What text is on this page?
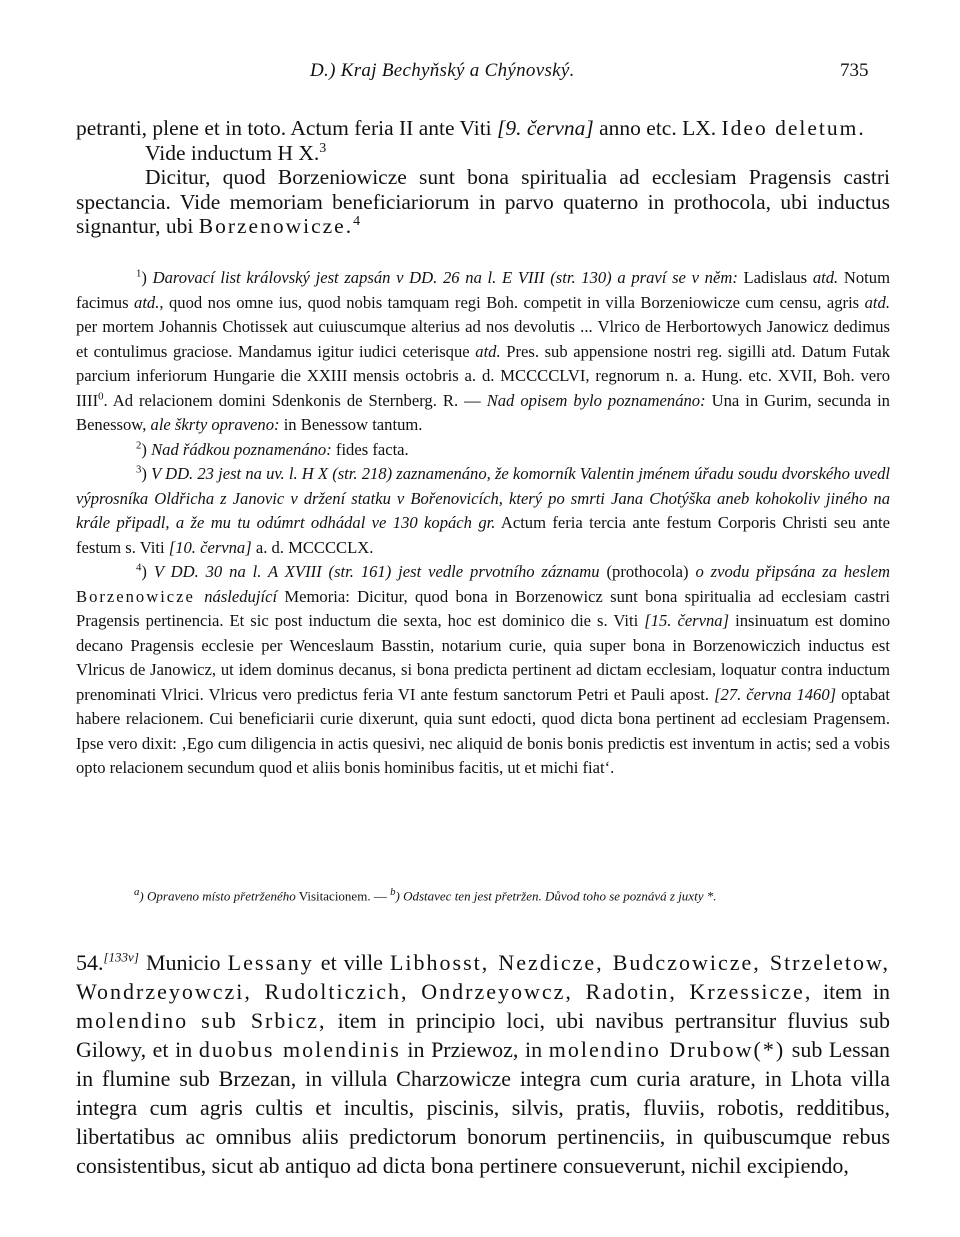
D.) Kraj Bechyňský a Chýnovský.	735

petranti, plene et in toto. Actum feria II ante Viti [9. června] anno etc. LX. Ideo deletum.

Vide inductum H X.$^3$

Dicitur, quod Borzeniowicze sunt bona spiritualia ad ecclesiam Pragensis castri spectancia. Vide memoriam beneficiariorum in parvo quaterno in prothocola, ubi inductus signantur, ubi Borzenowicze.$^4$

$^1$) Darovací list královský jest zapsán v DD. 26 na l. E VIII (str. 130) a praví se v něm: Ladislaus atd. Notum facimus atd., quod nos omne ius, quod nobis tamquam regi Boh. competit in villa Borzeniowicze cum censu, agris atd. per mortem Johannis Chotissek aut cuiuscumque alterius ad nos devolutis ... Vlrico de Herbortowych Janowicz dedimus et contulimus graciose. Mandamus igitur iudici ceterisque atd. Pres. sub appensione nostri reg. sigilli atd. Datum Futak parcium inferiorum Hungarie die XXIII mensis octobris a. d. MCCCCLVI, regnorum n. a. Hung. etc. XVII, Boh. vero IIII$^0$. Ad relacionem domini Sdenkonis de Sternberg. R. — Nad opisem bylo poznamenáno: Una in Gurim, secunda in Benessow, ale škrty opraveno: in Benessow tantum.

$^2$) Nad řádkou poznamenáno: fides facta.

$^3$) V DD. 23 jest na uv. l. H X (str. 218) zaznamenáno, že komorník Valentin jménem úřadu soudu dvorského uvedl výprosníka Oldřicha z Janovic v držení statku v Bořenovicích, který po smrti Jana Chotýška aneb kohokoliv jiného na krále připadl, a že mu tu odúmrt odhádal ve 130 kopách gr. Actum feria tercia ante festum Corporis Christi seu ante festum s. Viti [10. června] a. d. MCCCCLX.

$^4$) V DD. 30 na l. A XVIII (str. 161) jest vedle prvotního záznamu (prothocola) o zvodu připsána za heslem Borzenowicze následující Memoria: Dicitur, quod bona in Borzenowicz sunt bona spiritualia ad ecclesiam castri Pragensis pertinencia. Et sic post inductum die sexta, hoc est dominico die s. Viti [15. června] insinuatum est domino decano Pragensis ecclesie per Wenceslaum Basstin, notarium curie, quia super bona in Borzenowiczich inductus est Vlricus de Janowicz, ut idem dominus decanus, si bona predicta pertinent ad dictam ecclesiam, loquatur contra inductum prenominati Vlrici. Vlricus vero predictus feria VI ante festum sanctorum Petri et Pauli apost. [27. června 1460] optabat habere relacionem. Cui beneficiarii curie dixerunt, quia sunt edocti, quod dicta bona pertinent ad ecclesiam Pragensem. Ipse vero dixit: ‚Ego cum diligencia in actis quesivi, nec aliquid de bonis bonis predictis est inventum in actis; sed a vobis opto relacionem secundum quod et aliis bonis hominibus facitis, ut et michi fiat‘.

$^a$) Opraveno místo přetrženého Visitacionem. — $^b$) Odstavec ten jest přetržen. Důvod toho se poznává z juxty *.

54.[133v] Municio Lessany et ville Libhosst, Nezdicze, Budczowicze, Strzeletow, Wondrzeyowczi, Rudolticzich, Ondrzeyowcz, Radotin, Krzessicze, item in molendino sub Srbicz, item in principio loci, ubi navibus pertransitur fluvius sub Gilowy, et in duobus molendinis in Prziewoz, in molendino Drubow(*) sub Lessan in flumine sub Brzezan, in villula Charzowicze integra cum curia arature, in Lhota villa integra cum agris cultis et incultis, piscinis, silvis, pratis, fluviis, robotis, redditibus, libertatibus ac omnibus aliis predictorum bonorum pertinenciis, in quibuscumque rebus consistentibus, sicut ab antiquo ad dicta bona pertinere consueverunt, nichil excipiendo,
